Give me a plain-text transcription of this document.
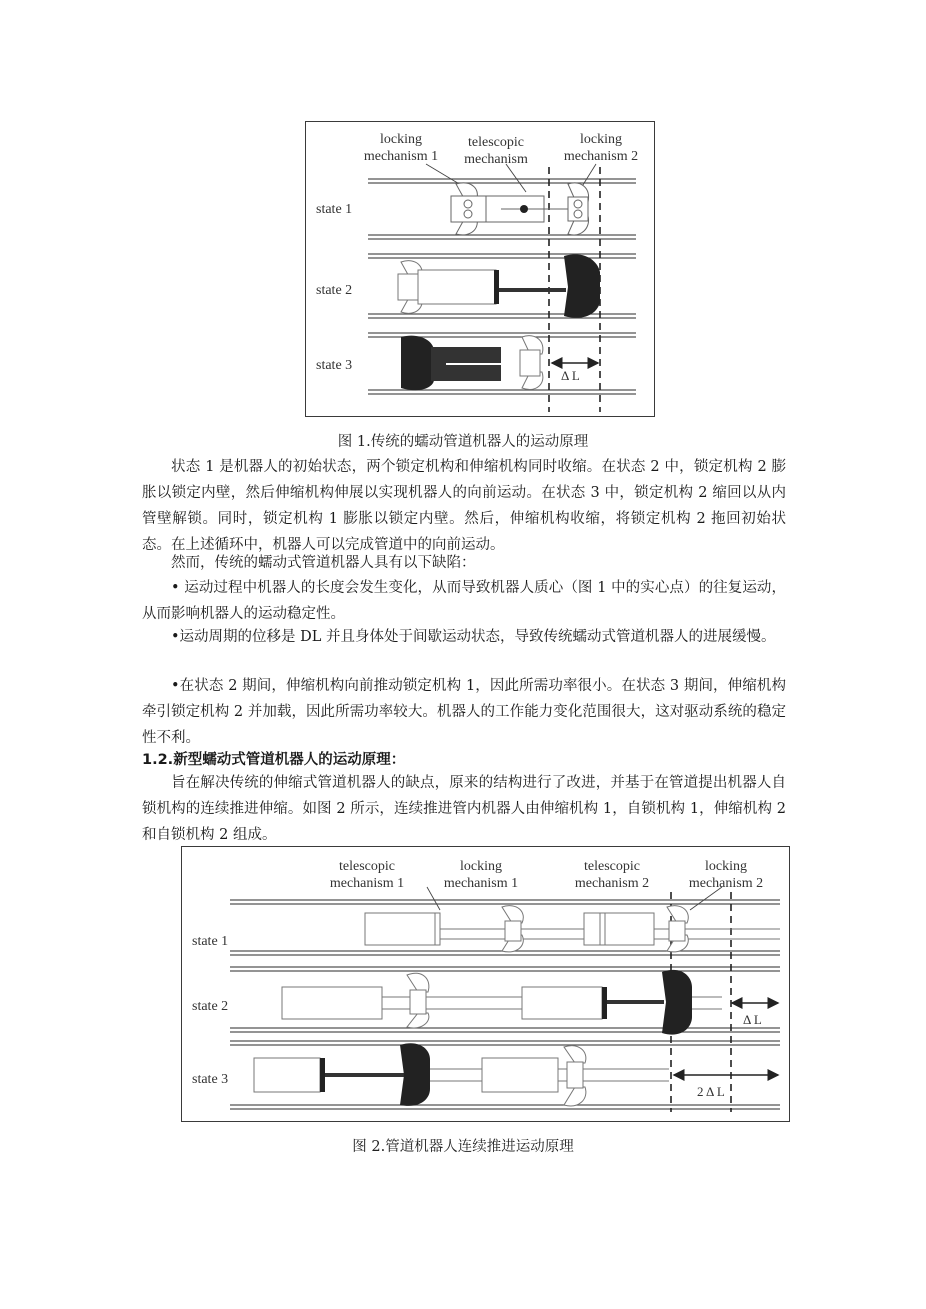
locking
mechanism 1
telescopic
mechanism
locking
mechanism 2
state 1
state 2
state 3
Δ L
图 1.传统的蠕动管道机器人的运动原理
状态 1 是机器人的初始状态，两个锁定机构和伸缩机构同时收缩。在状态 2 中，锁定机构 2 膨胀以锁定内壁，然后伸缩机构伸展以实现机器人的向前运动。在状态 3 中，锁定机构 2 缩回以从内管壁解锁。同时，锁定机构 1 膨胀以锁定内壁。然后，伸缩机构收缩，将锁定机构 2 拖回初始状态。在上述循环中，机器人可以完成管道中的向前运动。
然而，传统的蠕动式管道机器人具有以下缺陷：
• 运动过程中机器人的长度会发生变化，从而导致机器人质心（图 1 中的实心点）的往复运动，从而影响机器人的运动稳定性。
•运动周期的位移是 DL 并且身体处于间歇运动状态，导致传统蠕动式管道机器人的进展缓慢。
•在状态 2 期间，伸缩机构向前推动锁定机构 1，因此所需功率很小。在状态 3 期间，伸缩机构牵引锁定机构 2 并加载，因此所需功率较大。机器人的工作能力变化范围很大，这对驱动系统的稳定性不利。
1.2.新型蠕动式管道机器人的运动原理：
旨在解决传统的伸缩式管道机器人的缺点，原来的结构进行了改进，并基于在管道提出机器人自锁机构的连续推进伸缩。如图 2 所示，连续推进管内机器人由伸缩机构 1，自锁机构 1，伸缩机构 2 和自锁机构 2 组成。
telescopic
mechanism 1
locking
mechanism 1
telescopic
mechanism 2
locking
mechanism 2
state 1
state 2
state 3
Δ L
2 Δ L
图 2.管道机器人连续推进运动原理
